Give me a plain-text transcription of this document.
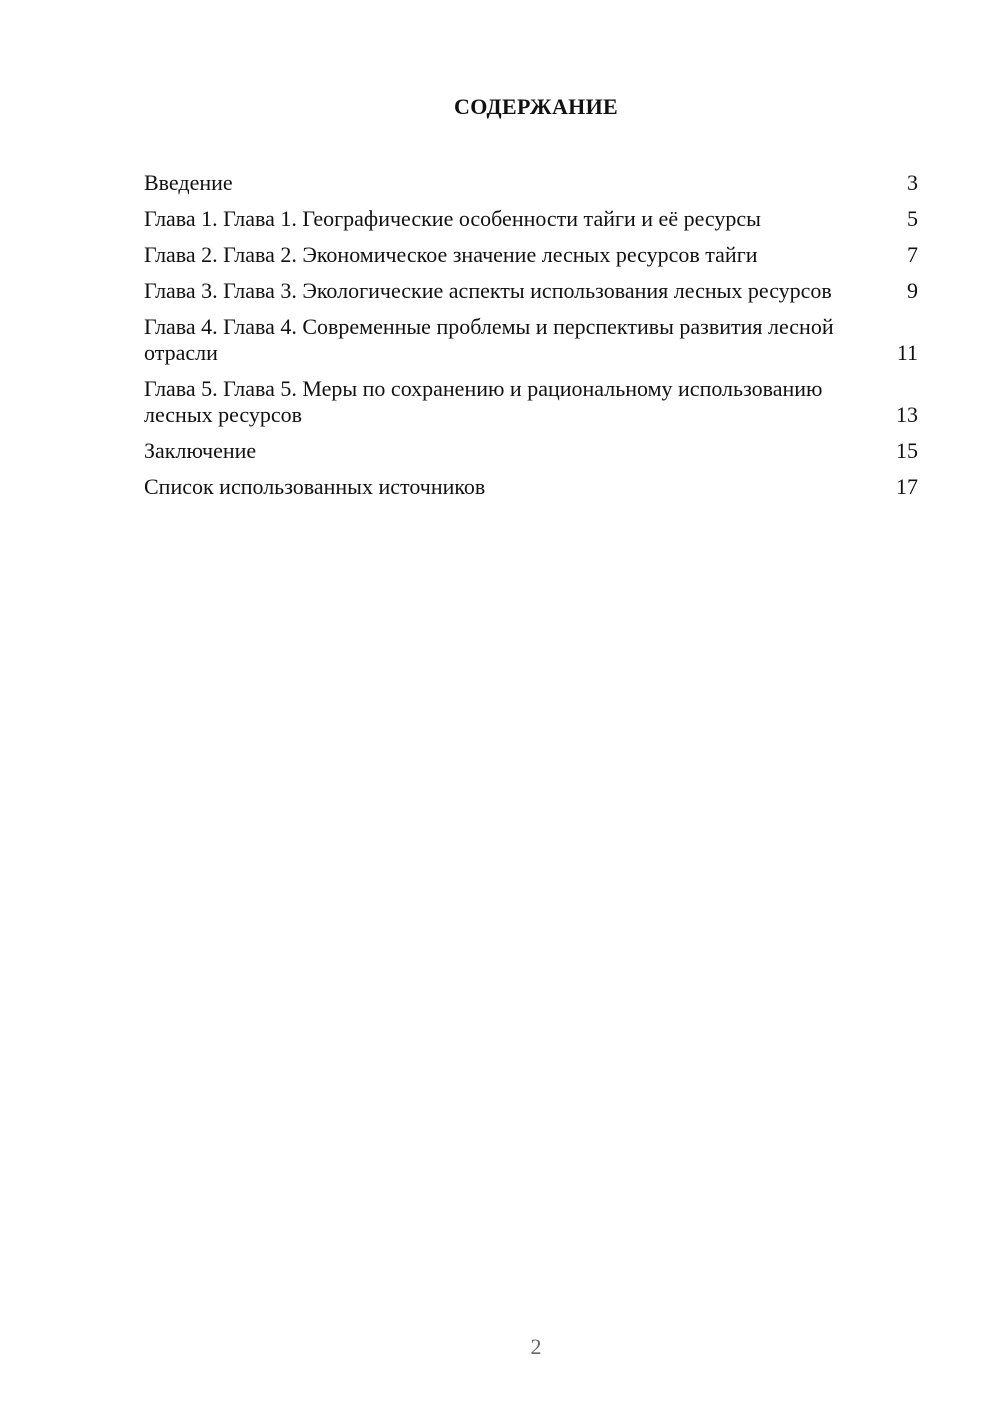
СОДЕРЖАНИЕ
Введение	3
Глава 1. Глава 1. Географические особенности тайги и её ресурсы	5
Глава 2. Глава 2. Экономическое значение лесных ресурсов тайги	7
Глава 3. Глава 3. Экологические аспекты использования лесных ресурсов	9
Глава 4. Глава 4. Современные проблемы и перспективы развития лесной отрасли	11
Глава 5. Глава 5. Меры по сохранению и рациональному использованию лесных ресурсов	13
Заключение	15
Список использованных источников	17
2
